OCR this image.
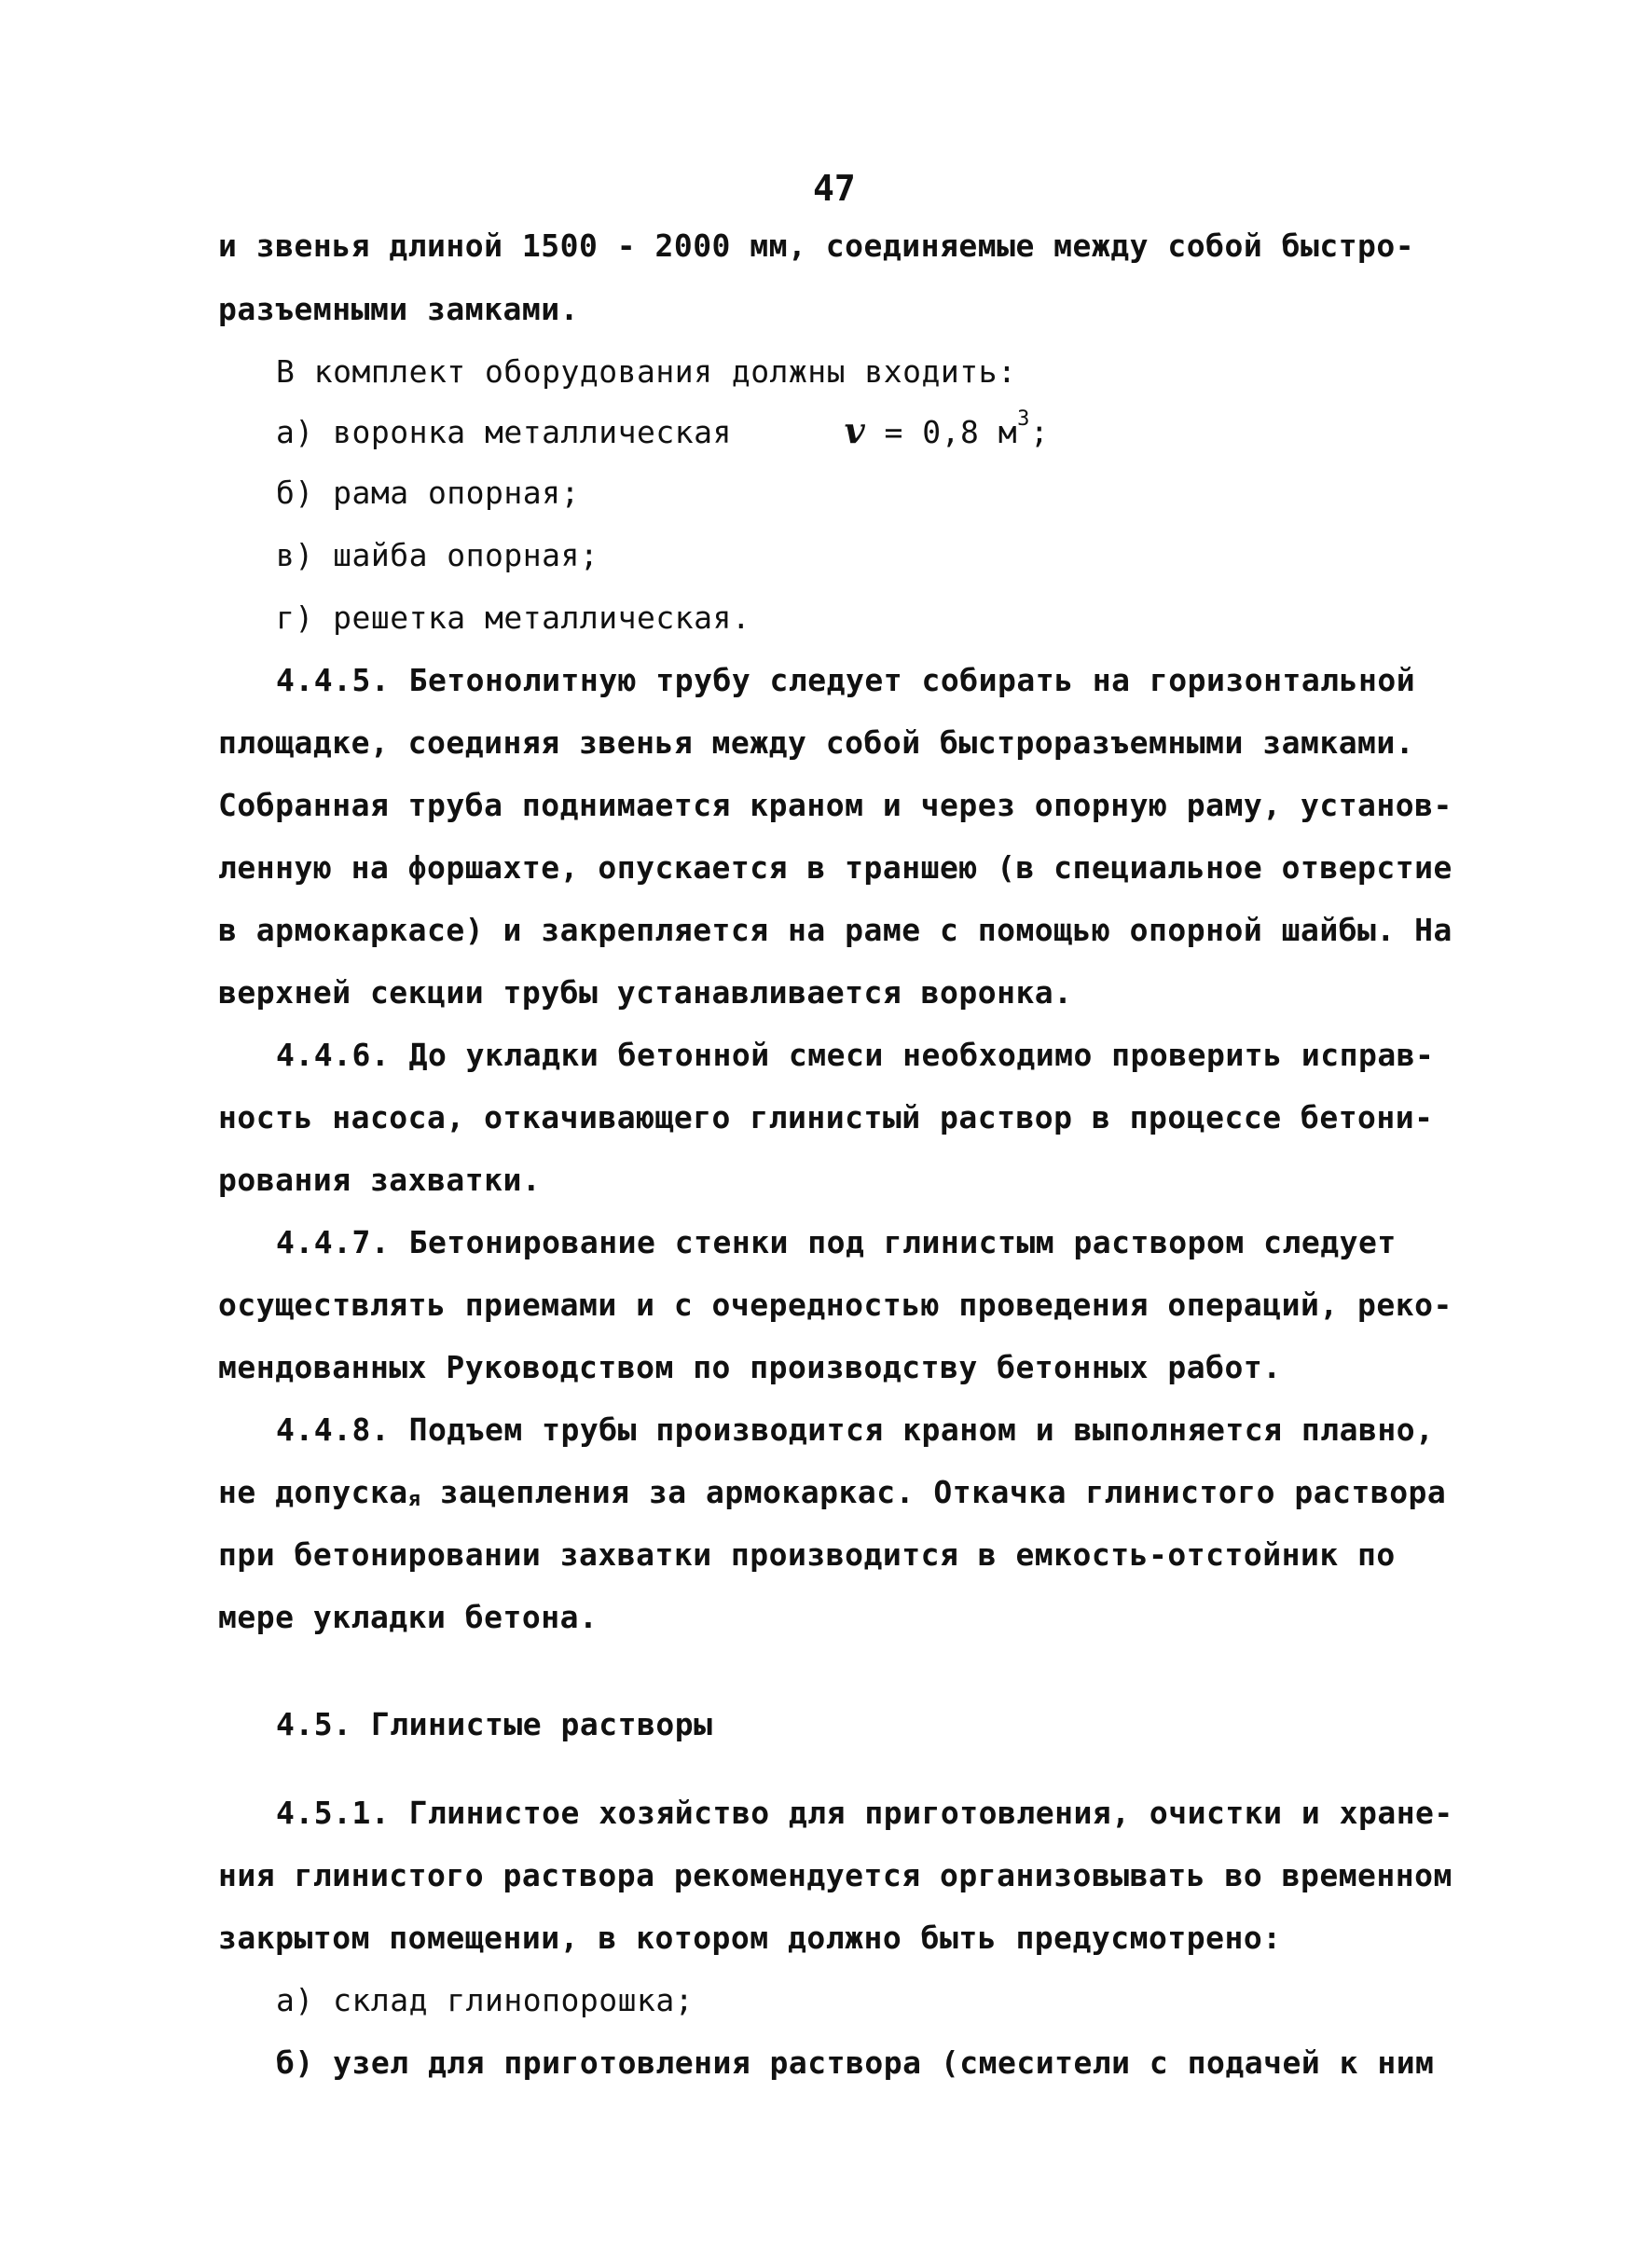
47
и звенья длиной 1500 - 2000 мм, соединяемые между собой быстро-
разъемными замками.
В комплект оборудования должны входить:
а) воронка металлическая	v = 0,8 $м^3$;
б) рама опорная;
в) шайба опорная;
г) решетка металлическая.
4.4.5. Бетонолитную трубу следует собирать на горизонтальной
площадке, соединяя звенья между собой быстроразъемными замками.
Собранная труба поднимается краном и через опорную раму, установ-
ленную на форшахте, опускается в траншею (в специальное отверстие
в армокаркасе) и закрепляется на раме с помощью опорной шайбы. На
верхней секции трубы устанавливается воронка.
4.4.6. До укладки бетонной смеси необходимо проверить исправ-
ность насоса, откачивающего глинистый раствор в процессе бетони-
рования захватки.
4.4.7. Бетонирование стенки под глинистым раствором следует
осуществлять приемами и с очередностью проведения операций, реко-
мендованных Руководством по производству бетонных работ.
4.4.8. Подъем трубы производится краном и выполняется плавно,
не допуска$_я$ зацепления за армокаркас. Откачка глинистого раствора
при бетонировании захватки производится в емкость-отстойник по
мере укладки бетона.
4.5. Глинистые растворы
4.5.1. Глинистое хозяйство для приготовления, очистки и хране-
ния глинистого раствора рекомендуется организовывать во временном
закрытом помещении, в котором должно быть предусмотрено:
а) склад глинопорошка;
б) узел для приготовления раствора (смесители с подачей к ним
